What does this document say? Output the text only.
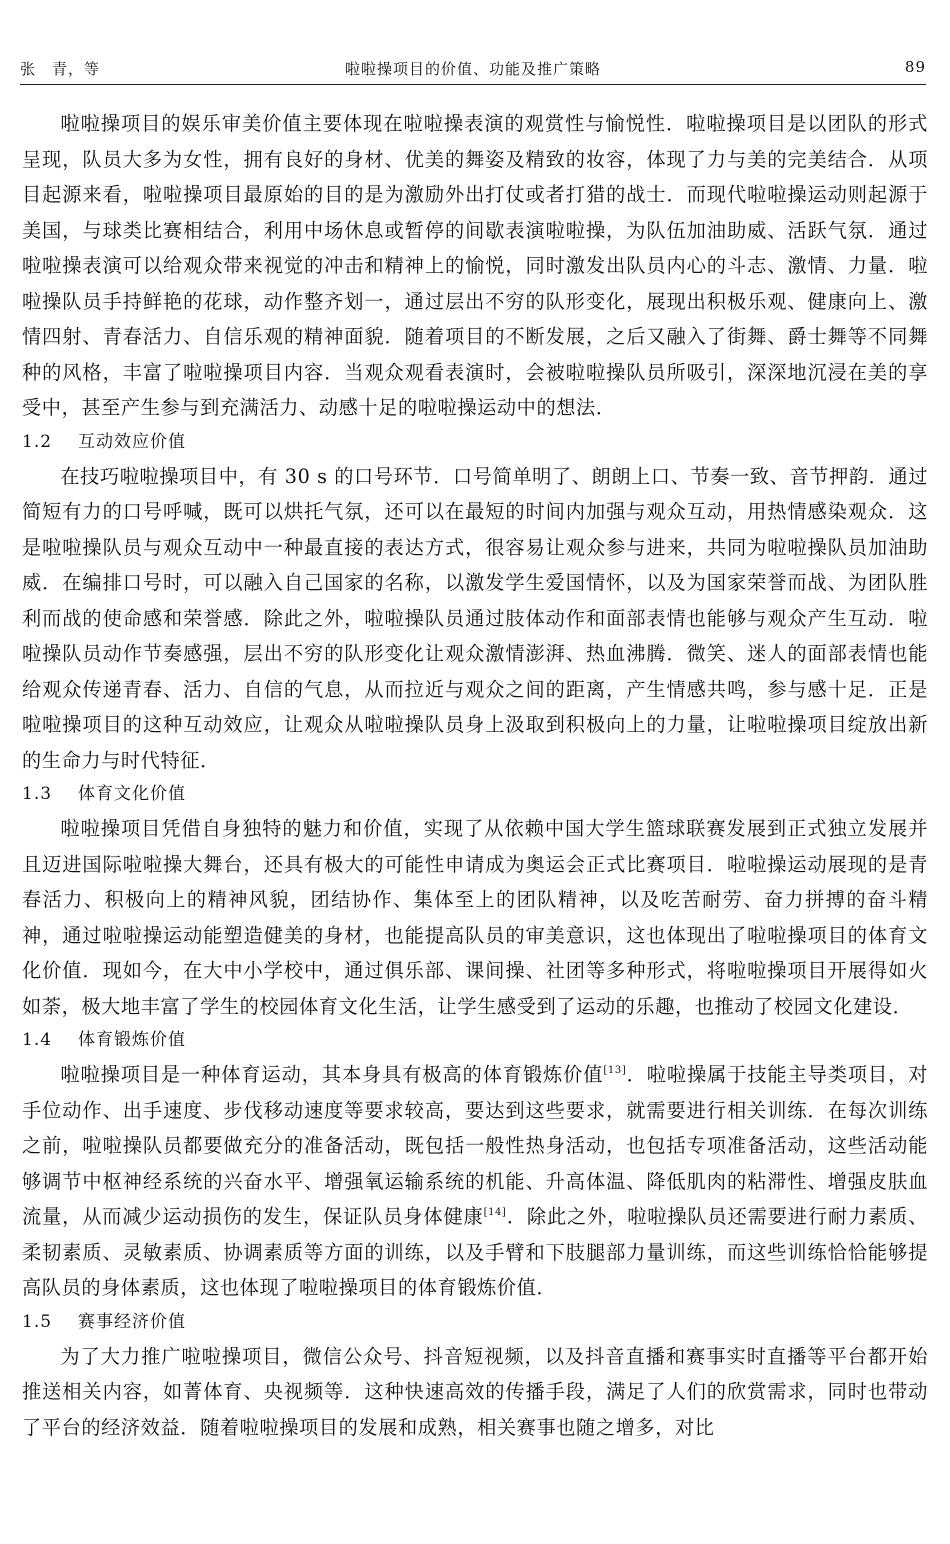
张　青，等	啦啦操项目的价值、功能及推广策略	89

啦啦操项目的娱乐审美价值主要体现在啦啦操表演的观赏性与愉悦性．啦啦操项目是以团队的形式呈现，队员大多为女性，拥有良好的身材、优美的舞姿及精致的妆容，体现了力与美的完美结合．从项目起源来看，啦啦操项目最原始的目的是为激励外出打仗或者打猎的战士．而现代啦啦操运动则起源于美国，与球类比赛相结合，利用中场休息或暂停的间歇表演啦啦操，为队伍加油助威、活跃气氛．通过啦啦操表演可以给观众带来视觉的冲击和精神上的愉悦，同时激发出队员内心的斗志、激情、力量．啦啦操队员手持鲜艳的花球，动作整齐划一，通过层出不穷的队形变化，展现出积极乐观、健康向上、激情四射、青春活力、自信乐观的精神面貌．随着项目的不断发展，之后又融入了街舞、爵士舞等不同舞种的风格，丰富了啦啦操项目内容．当观众观看表演时，会被啦啦操队员所吸引，深深地沉浸在美的享受中，甚至产生参与到充满活力、动感十足的啦啦操运动中的想法．

1.2 互动效应价值

在技巧啦啦操项目中，有 30 s 的口号环节．口号简单明了、朗朗上口、节奏一致、音节押韵．通过简短有力的口号呼喊，既可以烘托气氛，还可以在最短的时间内加强与观众互动，用热情感染观众．这是啦啦操队员与观众互动中一种最直接的表达方式，很容易让观众参与进来，共同为啦啦操队员加油助威．在编排口号时，可以融入自己国家的名称，以激发学生爱国情怀，以及为国家荣誉而战、为团队胜利而战的使命感和荣誉感．除此之外，啦啦操队员通过肢体动作和面部表情也能够与观众产生互动．啦啦操队员动作节奏感强，层出不穷的队形变化让观众激情澎湃、热血沸腾．微笑、迷人的面部表情也能给观众传递青春、活力、自信的气息，从而拉近与观众之间的距离，产生情感共鸣，参与感十足．正是啦啦操项目的这种互动效应，让观众从啦啦操队员身上汲取到积极向上的力量，让啦啦操项目绽放出新的生命力与时代特征．

1.3 体育文化价值

啦啦操项目凭借自身独特的魅力和价值，实现了从依赖中国大学生篮球联赛发展到正式独立发展并且迈进国际啦啦操大舞台，还具有极大的可能性申请成为奥运会正式比赛项目．啦啦操运动展现的是青春活力、积极向上的精神风貌，团结协作、集体至上的团队精神，以及吃苦耐劳、奋力拼搏的奋斗精神，通过啦啦操运动能塑造健美的身材，也能提高队员的审美意识，这也体现出了啦啦操项目的体育文化价值．现如今，在大中小学校中，通过俱乐部、课间操、社团等多种形式，将啦啦操项目开展得如火如荼，极大地丰富了学生的校园体育文化生活，让学生感受到了运动的乐趣，也推动了校园文化建设．

1.4 体育锻炼价值

啦啦操项目是一种体育运动，其本身具有极高的体育锻炼价值[13]．啦啦操属于技能主导类项目，对手位动作、出手速度、步伐移动速度等要求较高，要达到这些要求，就需要进行相关训练．在每次训练之前，啦啦操队员都要做充分的准备活动，既包括一般性热身活动，也包括专项准备活动，这些活动能够调节中枢神经系统的兴奋水平、增强氧运输系统的机能、升高体温、降低肌肉的粘滞性、增强皮肤血流量，从而减少运动损伤的发生，保证队员身体健康[14]．除此之外，啦啦操队员还需要进行耐力素质、柔韧素质、灵敏素质、协调素质等方面的训练，以及手臂和下肢腿部力量训练，而这些训练恰恰能够提高队员的身体素质，这也体现了啦啦操项目的体育锻炼价值．

1.5 赛事经济价值

为了大力推广啦啦操项目，微信公众号、抖音短视频，以及抖音直播和赛事实时直播等平台都开始推送相关内容，如菁体育、央视频等．这种快速高效的传播手段，满足了人们的欣赏需求，同时也带动了平台的经济效益．随着啦啦操项目的发展和成熟，相关赛事也随之增多，对比
